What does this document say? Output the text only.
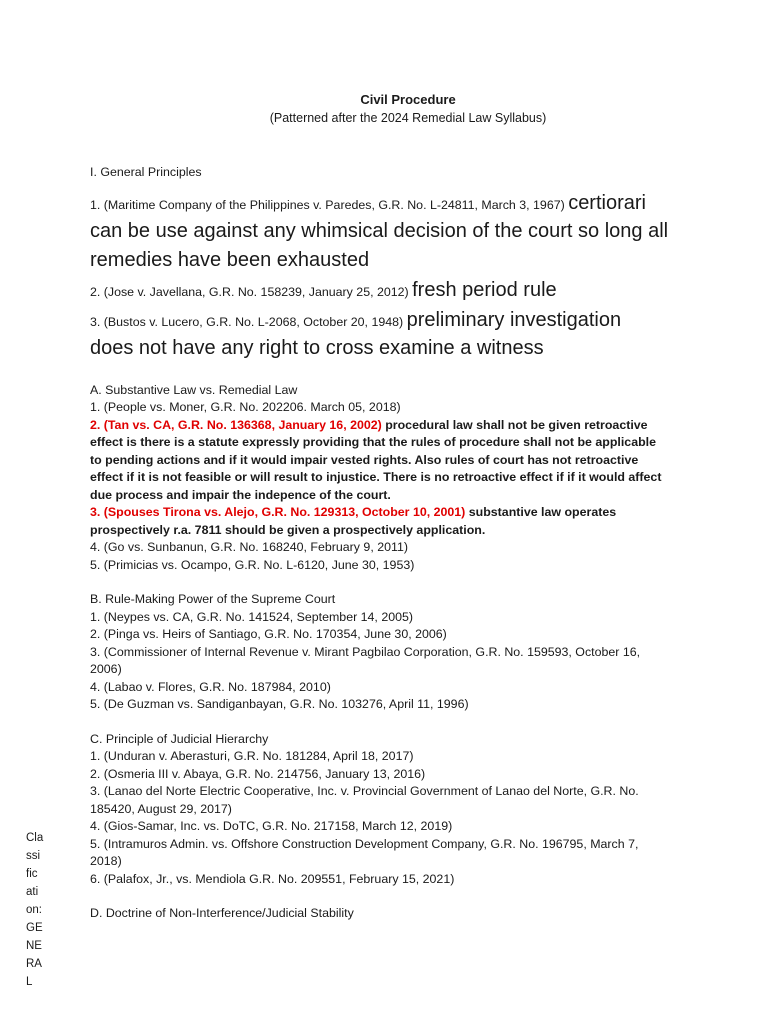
Civil Procedure
(Patterned after the 2024 Remedial Law Syllabus)
I. General Principles
1. (Maritime Company of the Philippines v. Paredes, G.R. No. L-24811, March 3, 1967) certiorari can be use against any whimsical decision of the court so long all remedies have been exhausted
2. (Jose v. Javellana, G.R. No. 158239, January 25, 2012) fresh period rule
3. (Bustos v. Lucero, G.R. No. L-2068, October 20, 1948) preliminary investigation does not have any right to cross examine a witness
A. Substantive Law vs. Remedial Law
1. (People vs. Moner, G.R. No. 202206. March 05, 2018)
2. (Tan vs. CA, G.R. No. 136368, January 16, 2002) procedural law shall not be given retroactive effect is there is a statute expressly providing that the rules of procedure shall not be applicable to pending actions and if it would impair vested rights. Also rules of court has not retroactive effect if it is not feasible or will result to injustice. There is no retroactive effect if if it would affect due process and impair the indepence of the court.
3. (Spouses Tirona vs. Alejo, G.R. No. 129313, October 10, 2001) substantive law operates prospectively r.a. 7811 should be given a prospectively application.
4. (Go vs. Sunbanun, G.R. No. 168240, February 9, 2011)
5. (Primicias vs. Ocampo, G.R. No. L-6120, June 30, 1953)
B. Rule-Making Power of the Supreme Court
1. (Neypes vs. CA, G.R. No. 141524, September 14, 2005)
2. (Pinga vs. Heirs of Santiago, G.R. No. 170354, June 30, 2006)
3. (Commissioner of Internal Revenue v. Mirant Pagbilao Corporation, G.R. No. 159593, October 16, 2006)
4. (Labao v. Flores, G.R. No. 187984, 2010)
5. (De Guzman vs. Sandiganbayan, G.R. No. 103276, April 11, 1996)
C. Principle of Judicial Hierarchy
1. (Unduran v. Aberasturi, G.R. No. 181284, April 18, 2017)
2. (Osmeria III v. Abaya, G.R. No. 214756, January 13, 2016)
3. (Lanao del Norte Electric Cooperative, Inc. v. Provincial Government of Lanao del Norte, G.R. No. 185420, August 29, 2017)
4. (Gios-Samar, Inc. vs. DoTC, G.R. No. 217158, March 12, 2019)
5. (Intramuros Admin. vs. Offshore Construction Development Company, G.R. No. 196795, March 7, 2018)
6. (Palafox, Jr., vs. Mendiola G.R. No. 209551, February 15, 2021)
D. Doctrine of Non-Interference/Judicial Stability
Cla
ssi
fic
ati
on:
GE
NE
RA
L
